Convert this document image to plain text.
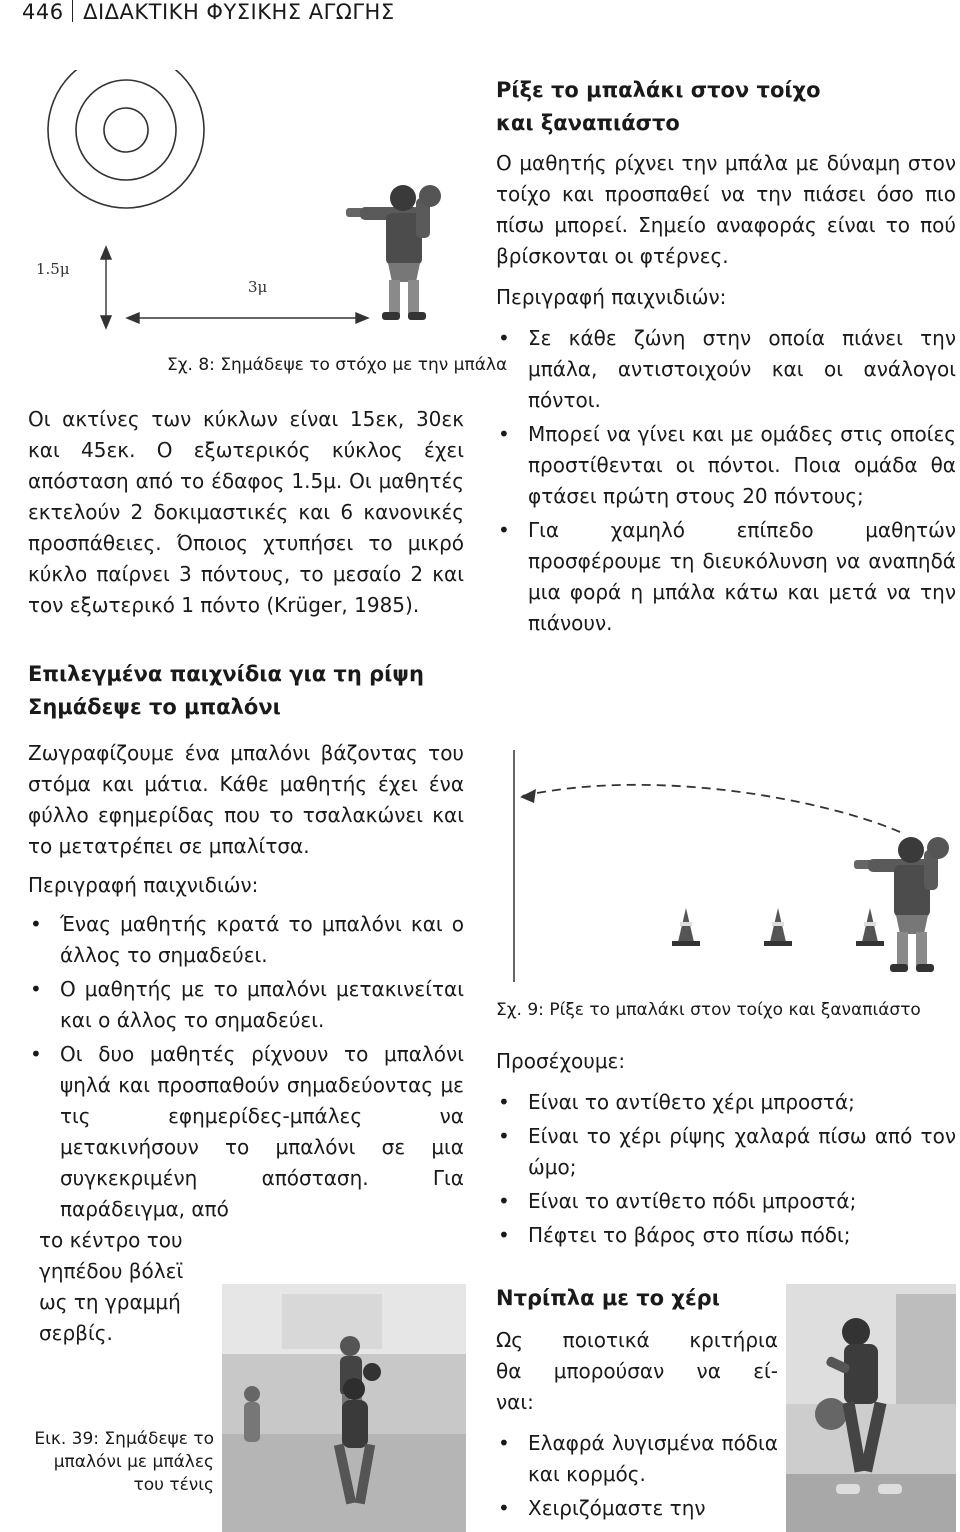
446 ΔΙΔΑΚΤΙΚΗ ΦΥΣΙΚΗΣ ΑΓΩΓΗΣ
1.5μ
3μ
Σχ. 8: Σημάδεψε το στόχο με την μπάλα

Οι ακτίνες των κύκλων είναι 15εκ, 30εκ και 45εκ. Ο εξωτερικός κύκλος έχει απόσταση από το έδαφος 1.5μ. Οι μαθητές εκτελούν 2 δοκιμαστικές και 6 κανονικές προσπάθειες. Όποιος χτυπήσει το μικρό κύκλο παίρνει 3 πόντους, το μεσαίο 2 και τον εξωτερικό 1 πόντο (Krüger, 1985).

Επιλεγμένα παιχνίδια για τη ρίψη

Σημάδεψε το μπαλόνι

Ζωγραφίζουμε ένα μπαλόνι βάζοντας του στόμα και μάτια. Κάθε μαθητής έχει ένα φύλλο εφημερίδας που το τσαλακώνει και το μετατρέπει σε μπαλίτσα.

Περιγραφή παιχνιδιών:

• Ένας μαθητής κρατά το μπαλόνι και ο άλλος το σημαδεύει.
• Ο μαθητής με το μπαλόνι μετακινείται και ο άλλος το σημαδεύει.
• Οι δυο μαθητές ρίχνουν το μπαλόνι ψηλά και προσπαθούν σημαδεύοντας με τις εφημερίδες-μπάλες να μετακινήσουν το μπαλόνι σε μια συγκεκριμένη απόσταση. Για παράδειγμα, από
το κέντρο του
γηπέδου βόλεϊ
ως τη γραμμή
σερβίς.
Εικ. 39: Σημάδεψε το
μπαλόνι με μπάλες
του τένις

Ρίξε το μπαλάκι στον τοίχο
και ξαναπιάστο

Ο μαθητής ρίχνει την μπάλα με δύναμη στον τοίχο και προσπαθεί να την πιάσει όσο πιο πίσω μπορεί. Σημείο αναφοράς είναι το πού βρίσκονται οι φτέρνες.

Περιγραφή παιχνιδιών:

• Σε κάθε ζώνη στην οποία πιάνει την μπάλα, αντιστοιχούν και οι ανάλογοι πόντοι.
• Μπορεί να γίνει και με ομάδες στις οποίες προστίθενται οι πόντοι. Ποια ομάδα θα φτάσει πρώτη στους 20 πόντους;
• Για χαμηλό επίπεδο μαθητών προσφέρουμε τη διευκόλυνση να αναπηδά μια φορά η μπάλα κάτω και μετά να την πιάνουν.
Σχ. 9: Ρίξε το μπαλάκι στον τοίχο και ξαναπιάστο

Προσέχουμε:

• Είναι το αντίθετο χέρι μπροστά;
• Είναι το χέρι ρίψης χαλαρά πίσω από τον ώμο;
• Είναι το αντίθετο πόδι μπροστά;
• Πέφτει το βάρος στο πίσω πόδι;

Ντρίπλα με το χέρι

Ως ποιοτικά κριτήρια
θα μπορούσαν να εί-
ναι:
• Ελαφρά λυγισμένα πόδια και κορμός.
• Χειριζόμαστε την
